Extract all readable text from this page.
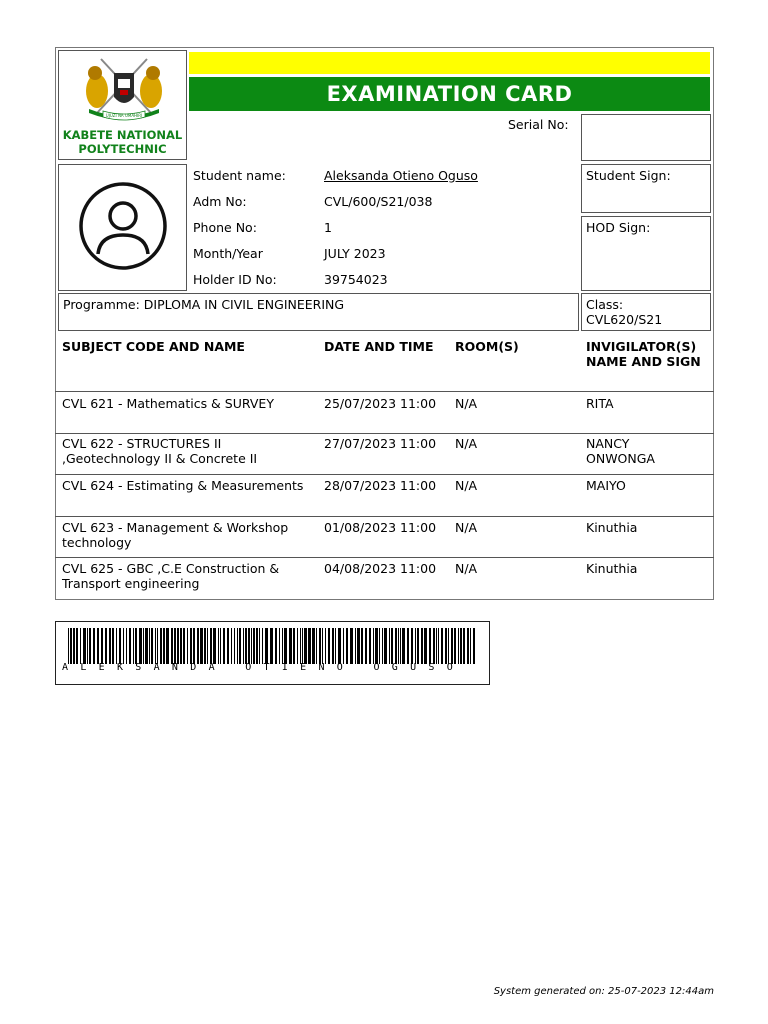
UJUZI NA UMAHIRI
KABETE NATIONAL POLYTECHNIC
EXAMINATION CARD
Serial No:
Student name:	Aleksanda Otieno Oguso
Adm No:	CVL/600/S21/038
Phone No:	1
Month/Year	JULY 2023
Holder ID No:	39754023
Student Sign:
HOD Sign:
Programme: DIPLOMA IN CIVIL ENGINEERING	Class:
CVL620/S21
SUBJECT CODE AND NAME	DATE AND TIME ROOM(S)	INVIGILATOR(S)
NAME AND SIGN
CVL 621 - Mathematics & SURVEY	25/07/2023 11:00 N/A	RITA
CVL 622 - STRUCTURES II
,Geotechnology II & Concrete II
27/07/2023 11:00 N/A	NANCY
ONWONGA
CVL 624 - Estimating & Measurements 28/07/2023 11:00 N/A	MAIYO
CVL 623 - Management & Workshop
technology
01/08/2023 11:00 N/A	Kinuthia
CVL 625 - GBC ,C.E Construction &
Transport engineering
04/08/2023 11:00 N/A	Kinuthia
ALEKSANDA OTIENO OGUSO
System generated on: 25-07-2023 12:44am
